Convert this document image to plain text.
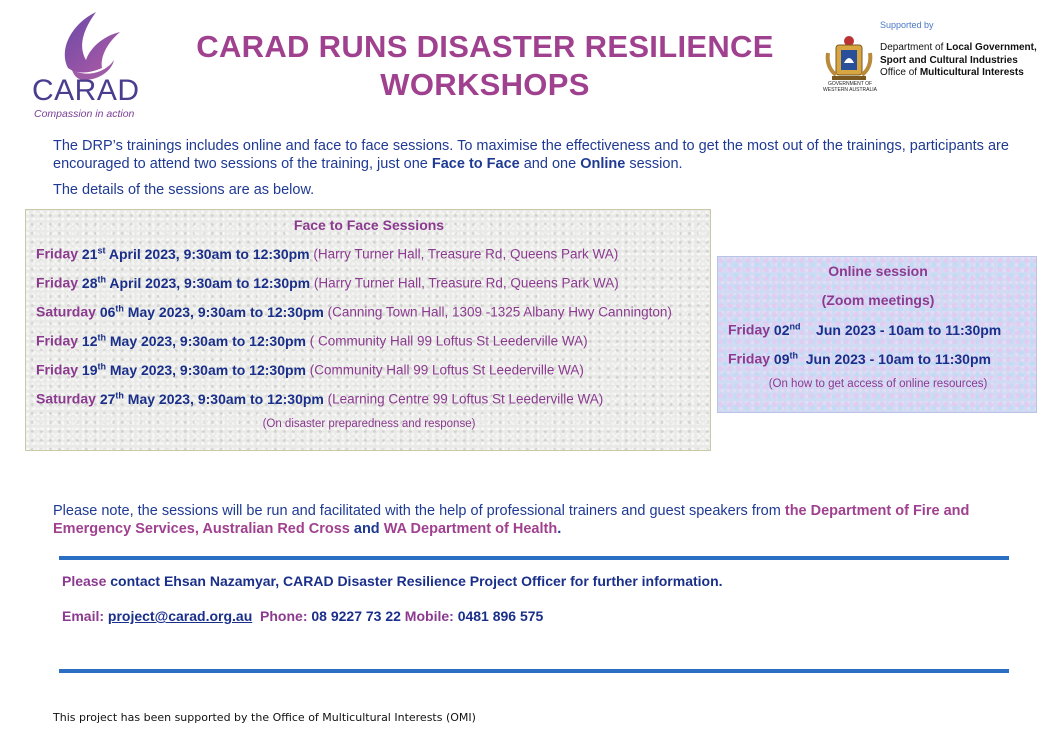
CARAD
Compassion in action
CARAD RUNS DISASTER RESILIENCE
WORKSHOPS
Supported by
GOVERNMENT OF WESTERN AUSTRALIA
Department of Local Government,
Sport and Cultural Industries
Office of Multicultural Interests
The DRP’s trainings includes online and face to face sessions. To maximise the effectiveness and to get the most out of the trainings, participants are encouraged to attend two sessions of the training, just one Face to Face and one Online session.
The details of the sessions are as below.
Face to Face Sessions
Friday 21st April 2023, 9:30am to 12:30pm (Harry Turner Hall, Treasure Rd, Queens Park WA)
Friday 28th April 2023, 9:30am to 12:30pm (Harry Turner Hall, Treasure Rd, Queens Park WA)
Saturday 06th May 2023, 9:30am to 12:30pm (Canning Town Hall, 1309 -1325 Albany Hwy Cannington)
Friday 12th May 2023, 9:30am to 12:30pm ( Community Hall 99 Loftus St Leederville WA)
Friday 19th May 2023, 9:30am to 12:30pm (Community Hall 99 Loftus St Leederville WA)
Saturday 27th May 2023, 9:30am to 12:30pm (Learning Centre 99 Loftus St Leederville WA)
(On disaster preparedness and response)
Online session
(Zoom meetings)
Friday 02nd    Jun 2023 - 10am to 11:30pm
Friday 09th  Jun 2023 - 10am to 11:30pm
(On how to get access of online resources)
Please note, the sessions will be run and facilitated with the help of professional trainers and guest speakers from the Department of Fire and Emergency Services, Australian Red Cross and WA Department of Health.
Please contact Ehsan Nazamyar, CARAD Disaster Resilience Project Officer for further information.
Email: project@carad.org.au  Phone: 08 9227 73 22 Mobile: 0481 896 575
This project has been supported by the Office of Multicultural Interests (OMI)
